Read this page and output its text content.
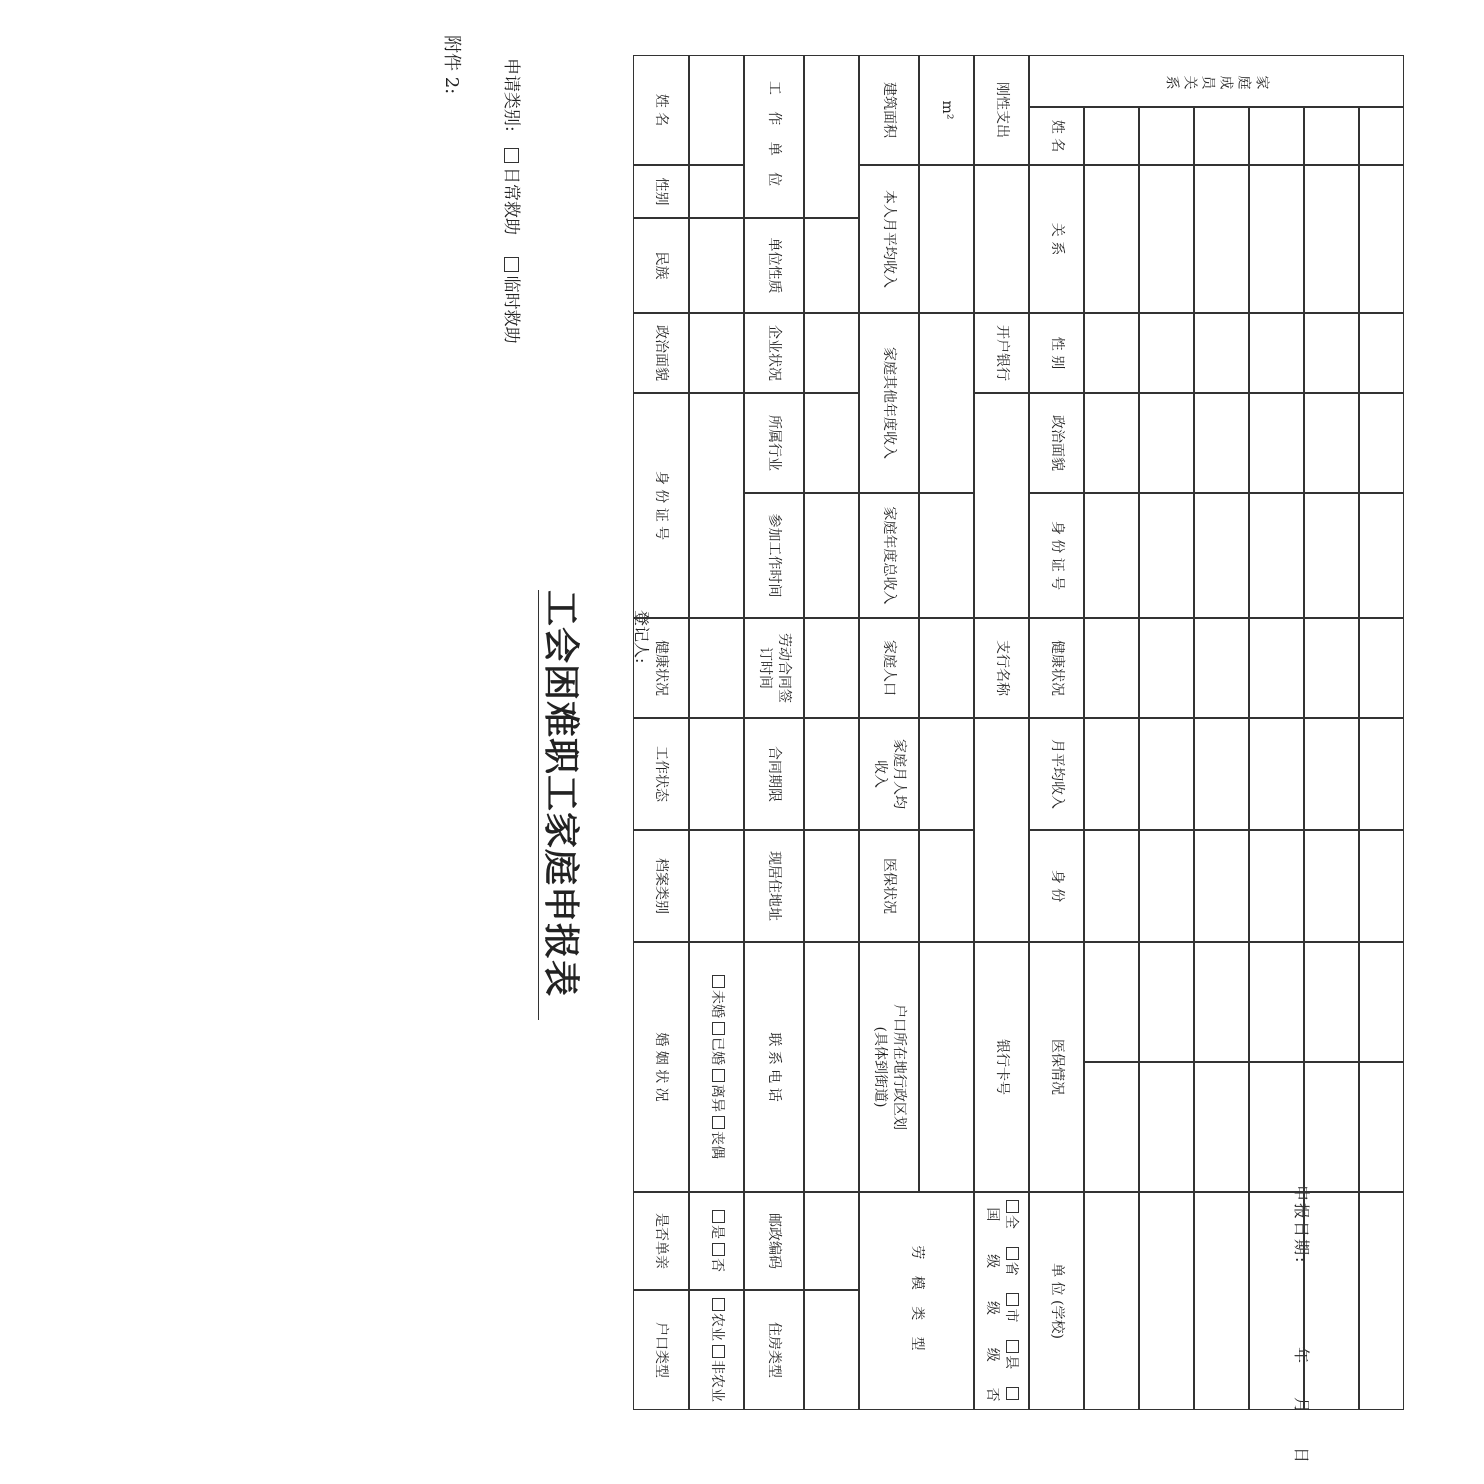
附件 2: 申请类别:   日常救助    临时救助
工会困难职工家庭申报表	登记人:
申报日期:
年月日
姓 名
性别
民族
政治面貌
身 份 证 号
健康状况
工作状态
档案类别
婚 姻 状 况
是否单亲
户口类型
未婚
已婚
离异
丧偶
是
否
农业
非农业
工 作 单 位
单位性质
企业状况
所属行业
参加工作时间
劳动合同签订时间
合同期限
现居住地址
联 系 电 话
邮政编码
住房类型
建筑面积
本人月平均收入
家庭其他年度收入
家庭年度总收入
家庭人口
家庭月人均收入
医保状况
户口所在地行政区划
(具体到街道)
劳 模 类 型
m²	刚性支出
开户银行
支行名称
银行卡号
全国
省级
市级
县级
否
家庭成员关系
姓 名
关 系
性 别
政治面貌
身 份 证 号
健康状况
月平均收入
身 份
医保情况
单 位 (学校)
